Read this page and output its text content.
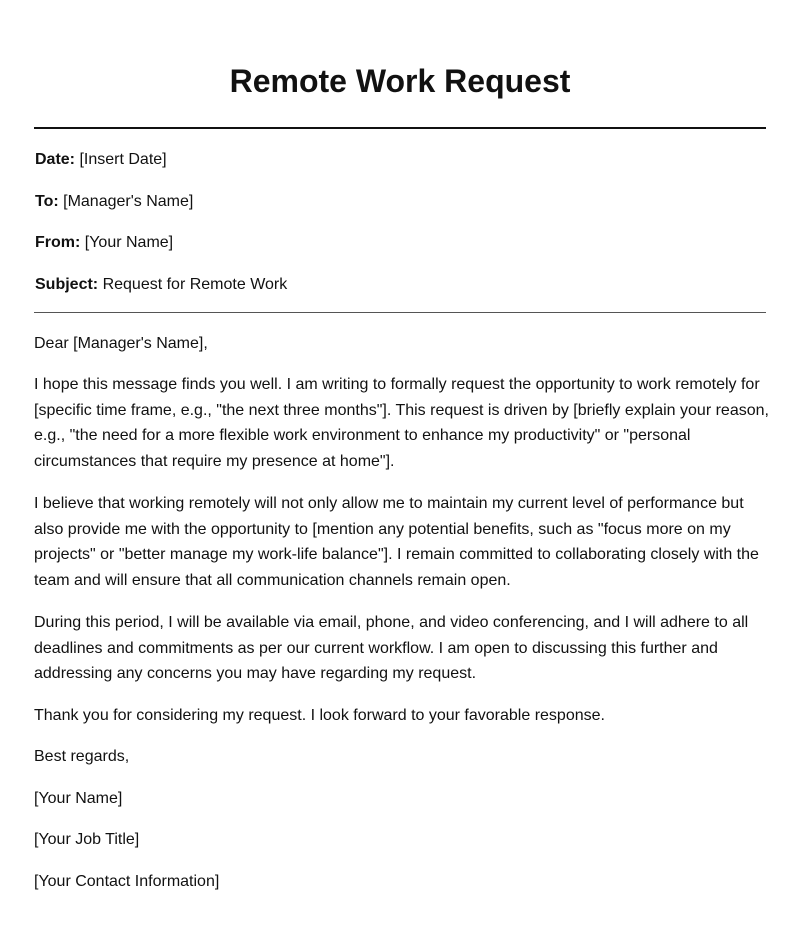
Remote Work Request

Date: [Insert Date]

To: [Manager's Name]

From: [Your Name]

Subject: Request for Remote Work

Dear [Manager's Name],

I hope this message finds you well. I am writing to formally request the opportunity to work remotely for [specific time frame, e.g., "the next three months"]. This request is driven by [briefly explain your reason, e.g., "the need for a more flexible work environment to enhance my productivity" or "personal circumstances that require my presence at home"].

I believe that working remotely will not only allow me to maintain my current level of performance but also provide me with the opportunity to [mention any potential benefits, such as "focus more on my projects" or "better manage my work-life balance"]. I remain committed to collaborating closely with the team and will ensure that all communication channels remain open.

During this period, I will be available via email, phone, and video conferencing, and I will adhere to all deadlines and commitments as per our current workflow. I am open to discussing this further and addressing any concerns you may have regarding my request.

Thank you for considering my request. I look forward to your favorable response.

Best regards,

[Your Name]

[Your Job Title]

[Your Contact Information]
